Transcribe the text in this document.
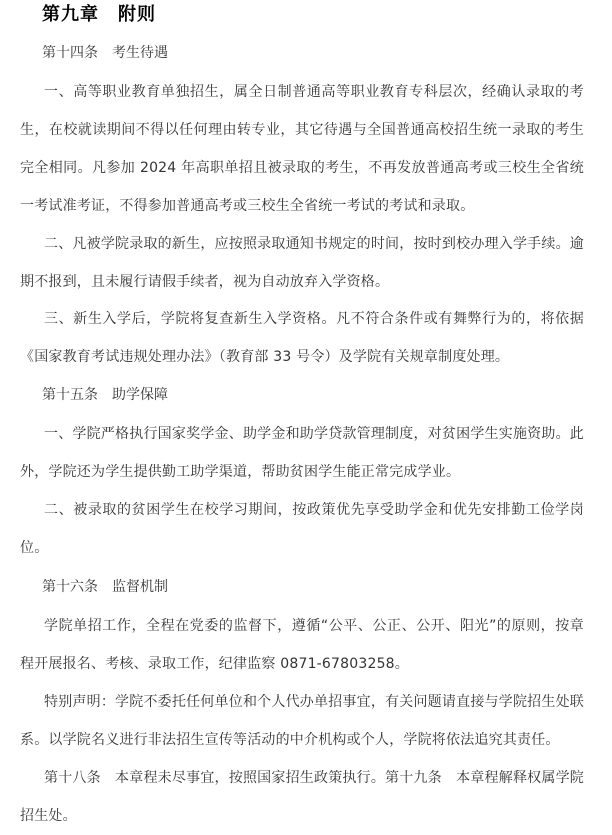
第九章　附则
第十四条　考生待遇
一、高等职业教育单独招生，属全日制普通高等职业教育专科层次，经确认录取的考生，在校就读期间不得以任何理由转专业，其它待遇与全国普通高校招生统一录取的考生完全相同。凡参加 2024 年高职单招且被录取的考生，不再发放普通高考或三校生全省统一考试准考证，不得参加普通高考或三校生全省统一考试的考试和录取。
二、凡被学院录取的新生，应按照录取通知书规定的时间，按时到校办理入学手续。逾期不报到，且未履行请假手续者，视为自动放弃入学资格。
三、新生入学后，学院将复查新生入学资格。凡不符合条件或有舞弊行为的，将依据《国家教育考试违规处理办法》（教育部 33 号令）及学院有关规章制度处理。
第十五条　助学保障
一、学院严格执行国家奖学金、助学金和助学贷款管理制度，对贫困学生实施资助。此外，学院还为学生提供勤工助学渠道，帮助贫困学生能正常完成学业。
二、被录取的贫困学生在校学习期间，按政策优先享受助学金和优先安排勤工俭学岗位。
第十六条　监督机制
学院单招工作，全程在党委的监督下，遵循“公平、公正、公开、阳光”的原则，按章程开展报名、考核、录取工作，纪律监察 0871-67803258。
特别声明：学院不委托任何单位和个人代办单招事宜，有关问题请直接与学院招生处联系。以学院名义进行非法招生宣传等活动的中介机构或个人，学院将依法追究其责任。
第十八条　本章程未尽事宜，按照国家招生政策执行。第十九条　本章程解释权属学院招生处。
